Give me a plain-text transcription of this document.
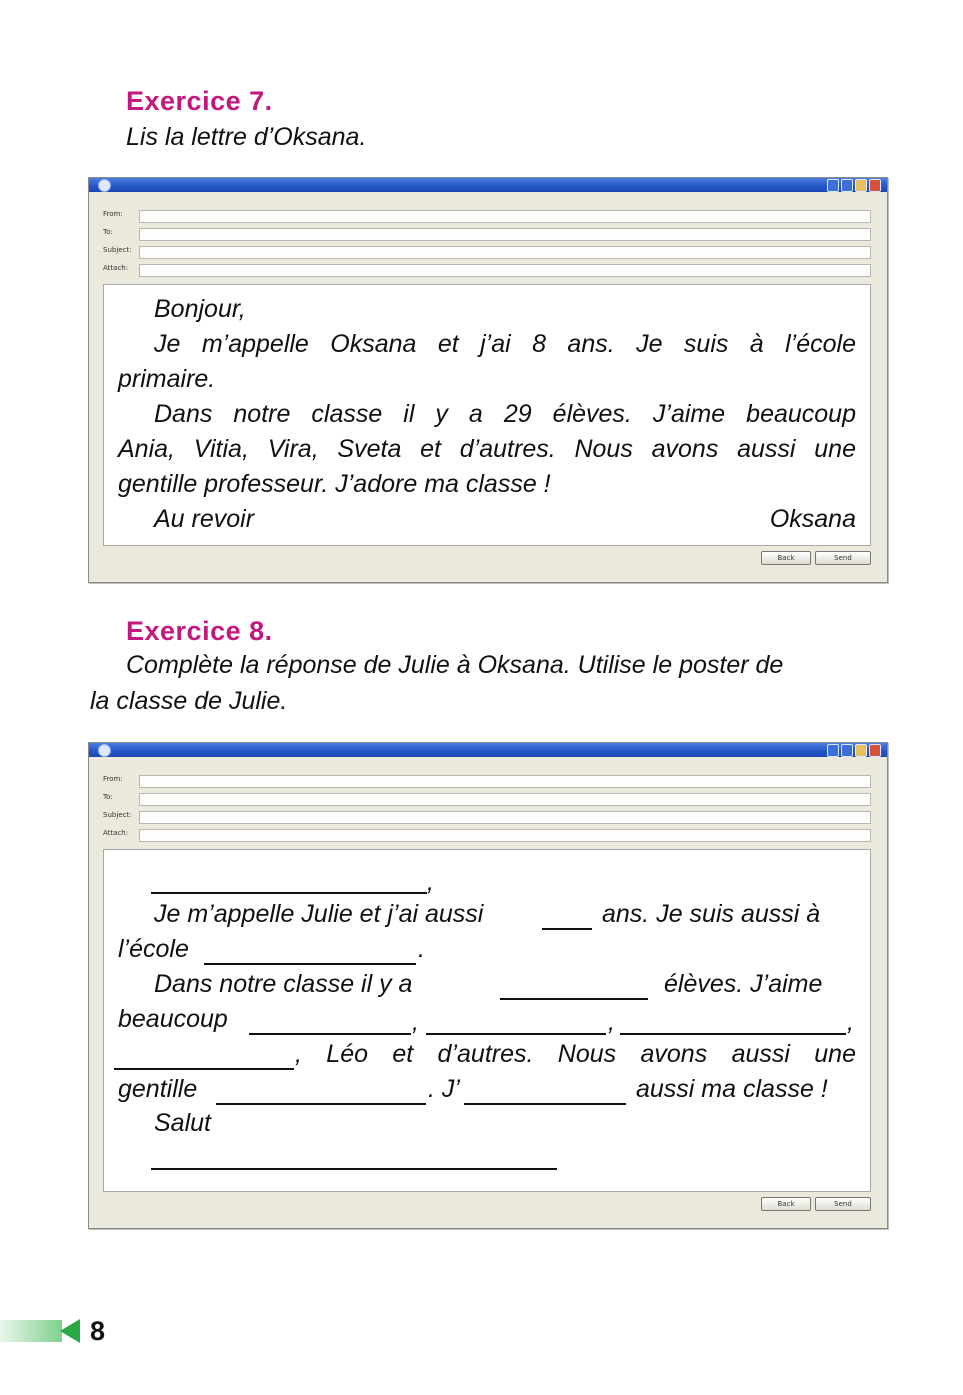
Exercice 7.
Lis la lettre d’Oksana.
From:
To:
Subject:
Attach:
Bonjour,
Je m’appelle Oksana et j’ai 8 ans. Je suis à l’école
primaire.
Dans notre classe il y a 29 élèves. J’aime beaucoup
Ania, Vitia, Vira, Sveta et d’autres. Nous avons aussi une
gentille professeur. J’adore ma classe !
Au revoir	Oksana
Back	Send
Exercice 8.
Complète la réponse de Julie à Oksana. Utilise le poster de
la classe de Julie.
From:
To:
Subject:
Attach:
,
Je m’appelle Julie et j’ai aussi	ans. Je suis aussi à
l’école	.
Dans notre classe il y a	élèves. J’aime
beaucoup	,	,	,
, Léo et d’autres. Nous avons aussi une
gentille	. J’	aussi ma classe !
Salut
Back	Send
8
